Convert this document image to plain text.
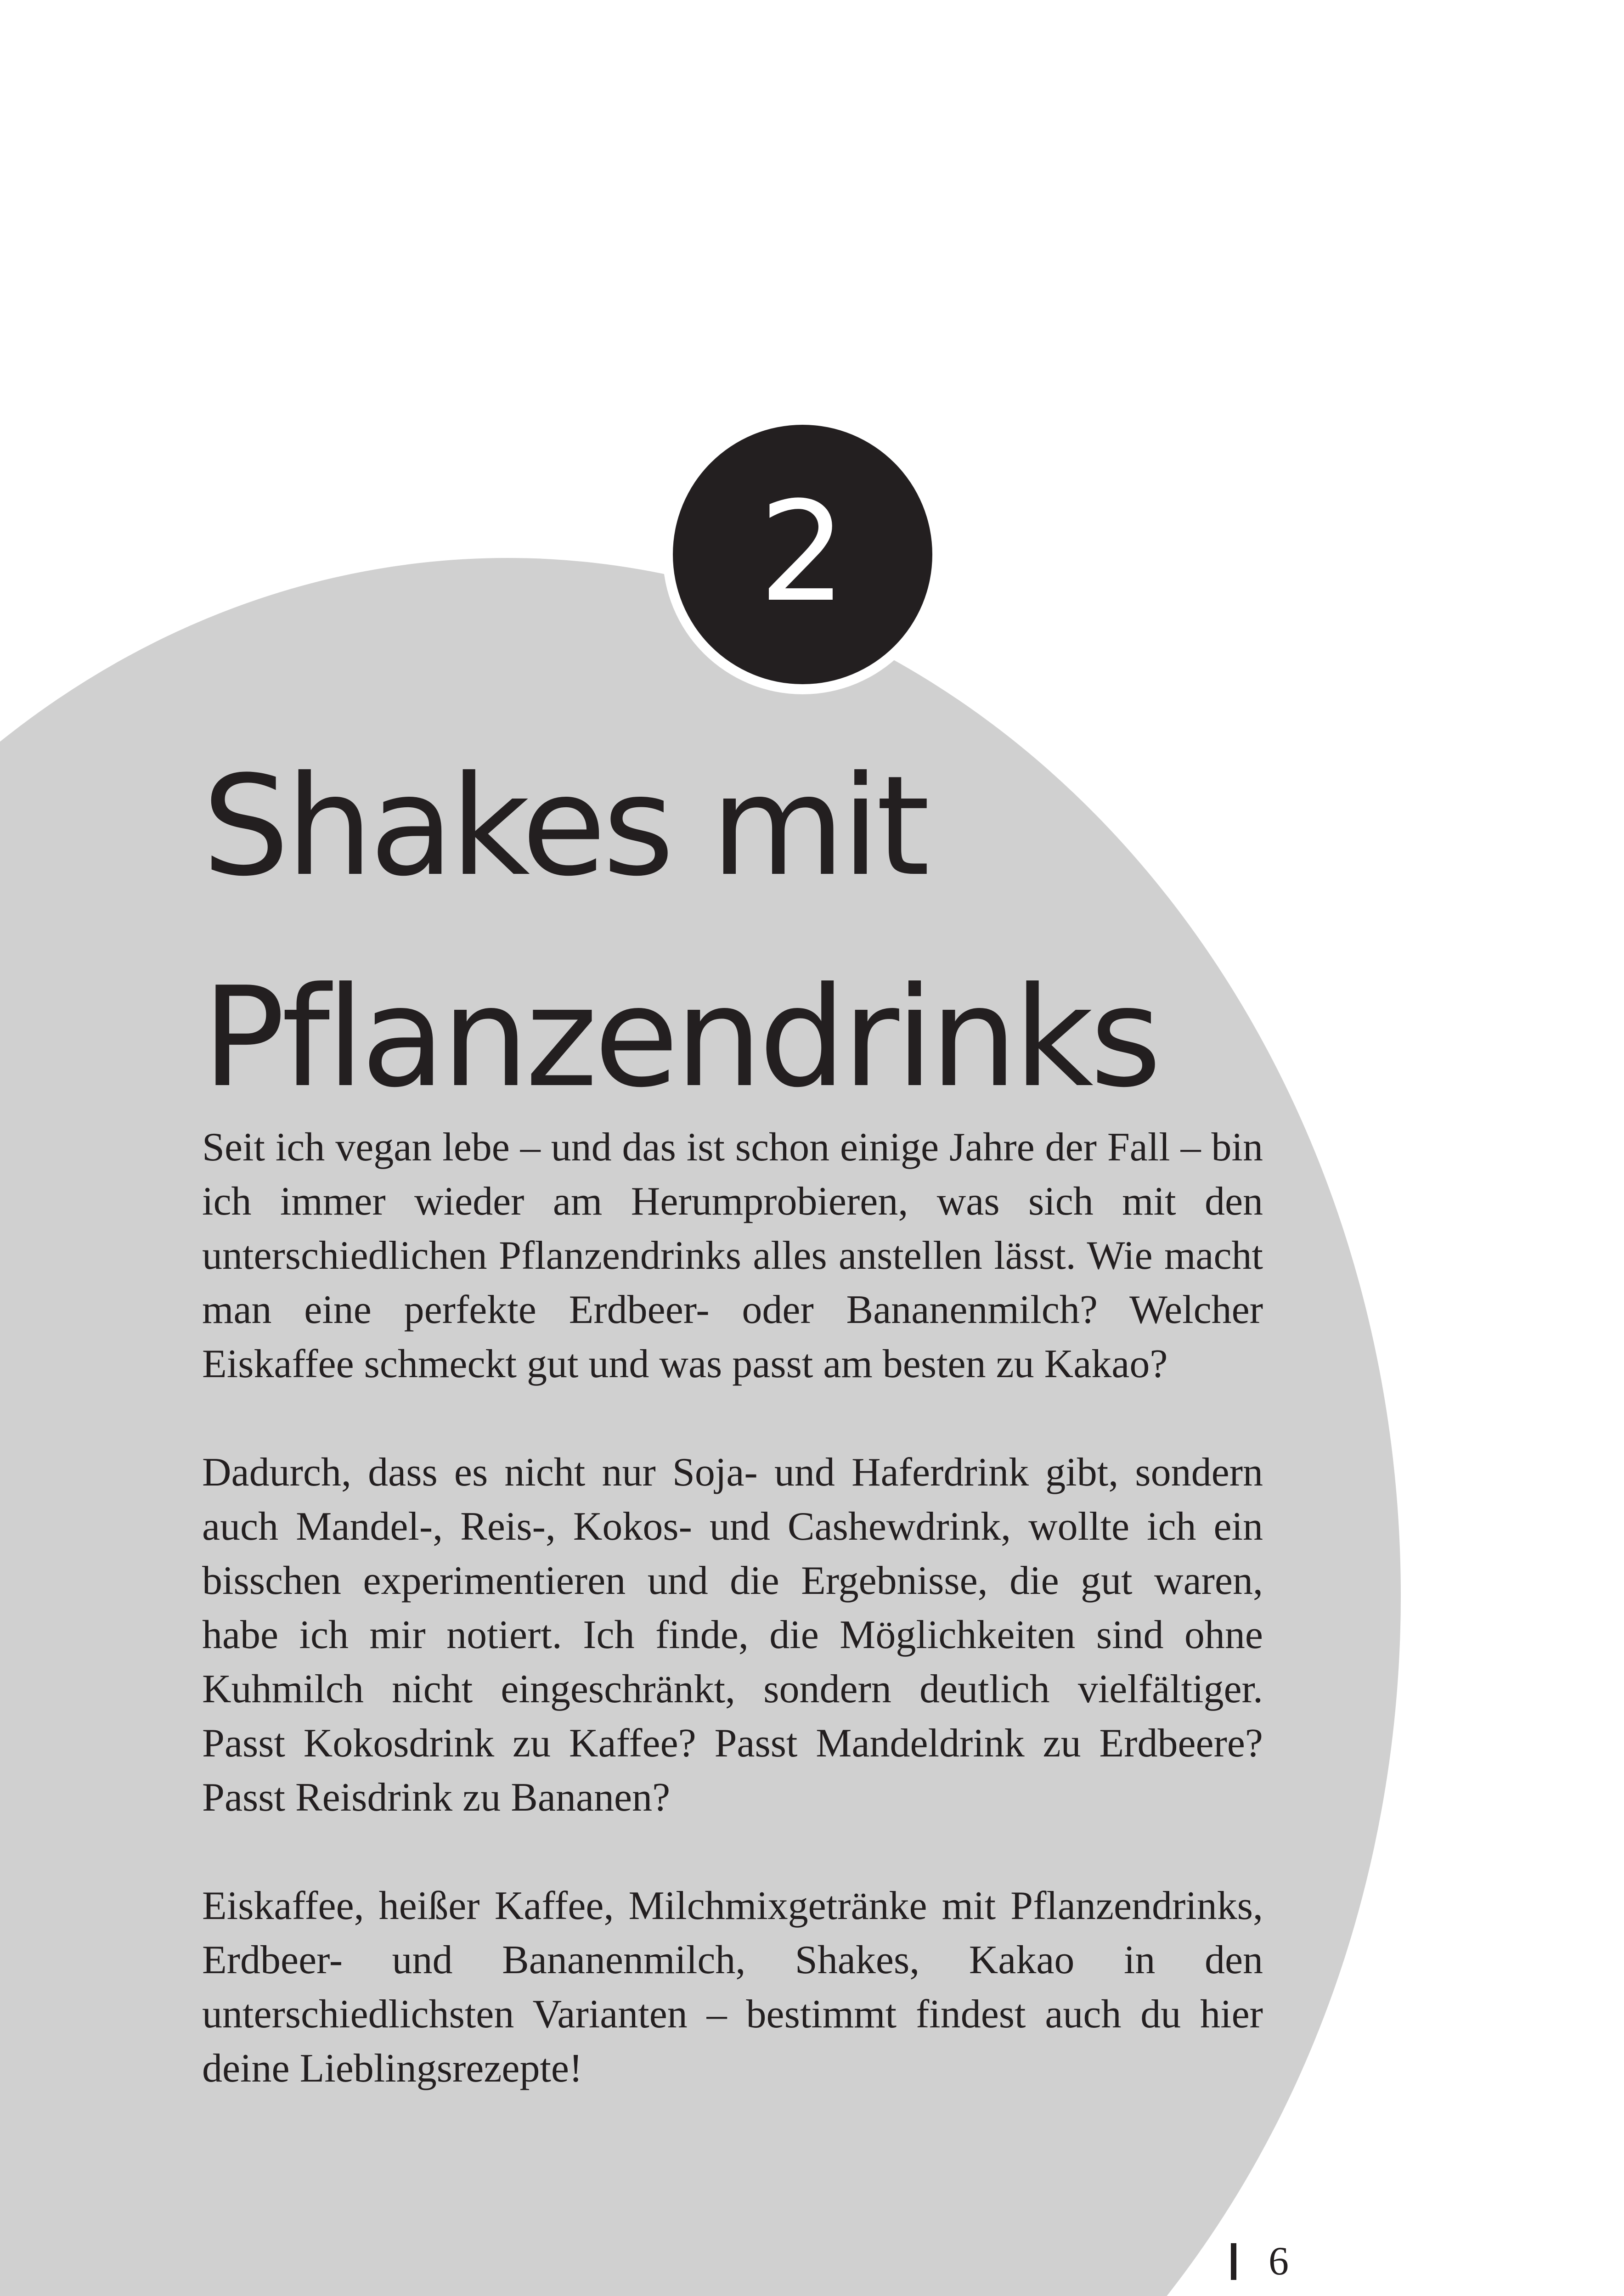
2
Shakes mit
Pflanzendrinks

Seit ich vegan lebe – und das ist schon einige Jahre der Fall – bin ich immer wieder am Herumprobieren, was sich mit den unterschiedlichen Pflanzendrinks alles anstellen lässt. Wie macht man eine perfekte Erdbeer- oder Bananenmilch? Welcher Eiskaffee schmeckt gut und was passt am besten zu Kakao?

Dadurch, dass es nicht nur Soja- und Haferdrink gibt, sondern auch Mandel-, Reis-, Kokos- und Cashewdrink, wollte ich ein bisschen experimentieren und die Ergebnisse, die gut waren, habe ich mir notiert. Ich finde, die Möglichkeiten sind ohne Kuhmilch nicht eingeschränkt, sondern deutlich vielfältiger. Passt Kokosdrink zu Kaffee? Passt Mandeldrink zu Erdbeere? Passt Reisdrink zu Bananen?

Eiskaffee, heißer Kaffee, Milchmixgetränke mit Pflanzendrinks, Erdbeer- und Bananenmilch, Shakes, Kakao in den unterschiedlichsten Varianten – bestimmt findest auch du hier deine Lieblingsrezepte!

6
